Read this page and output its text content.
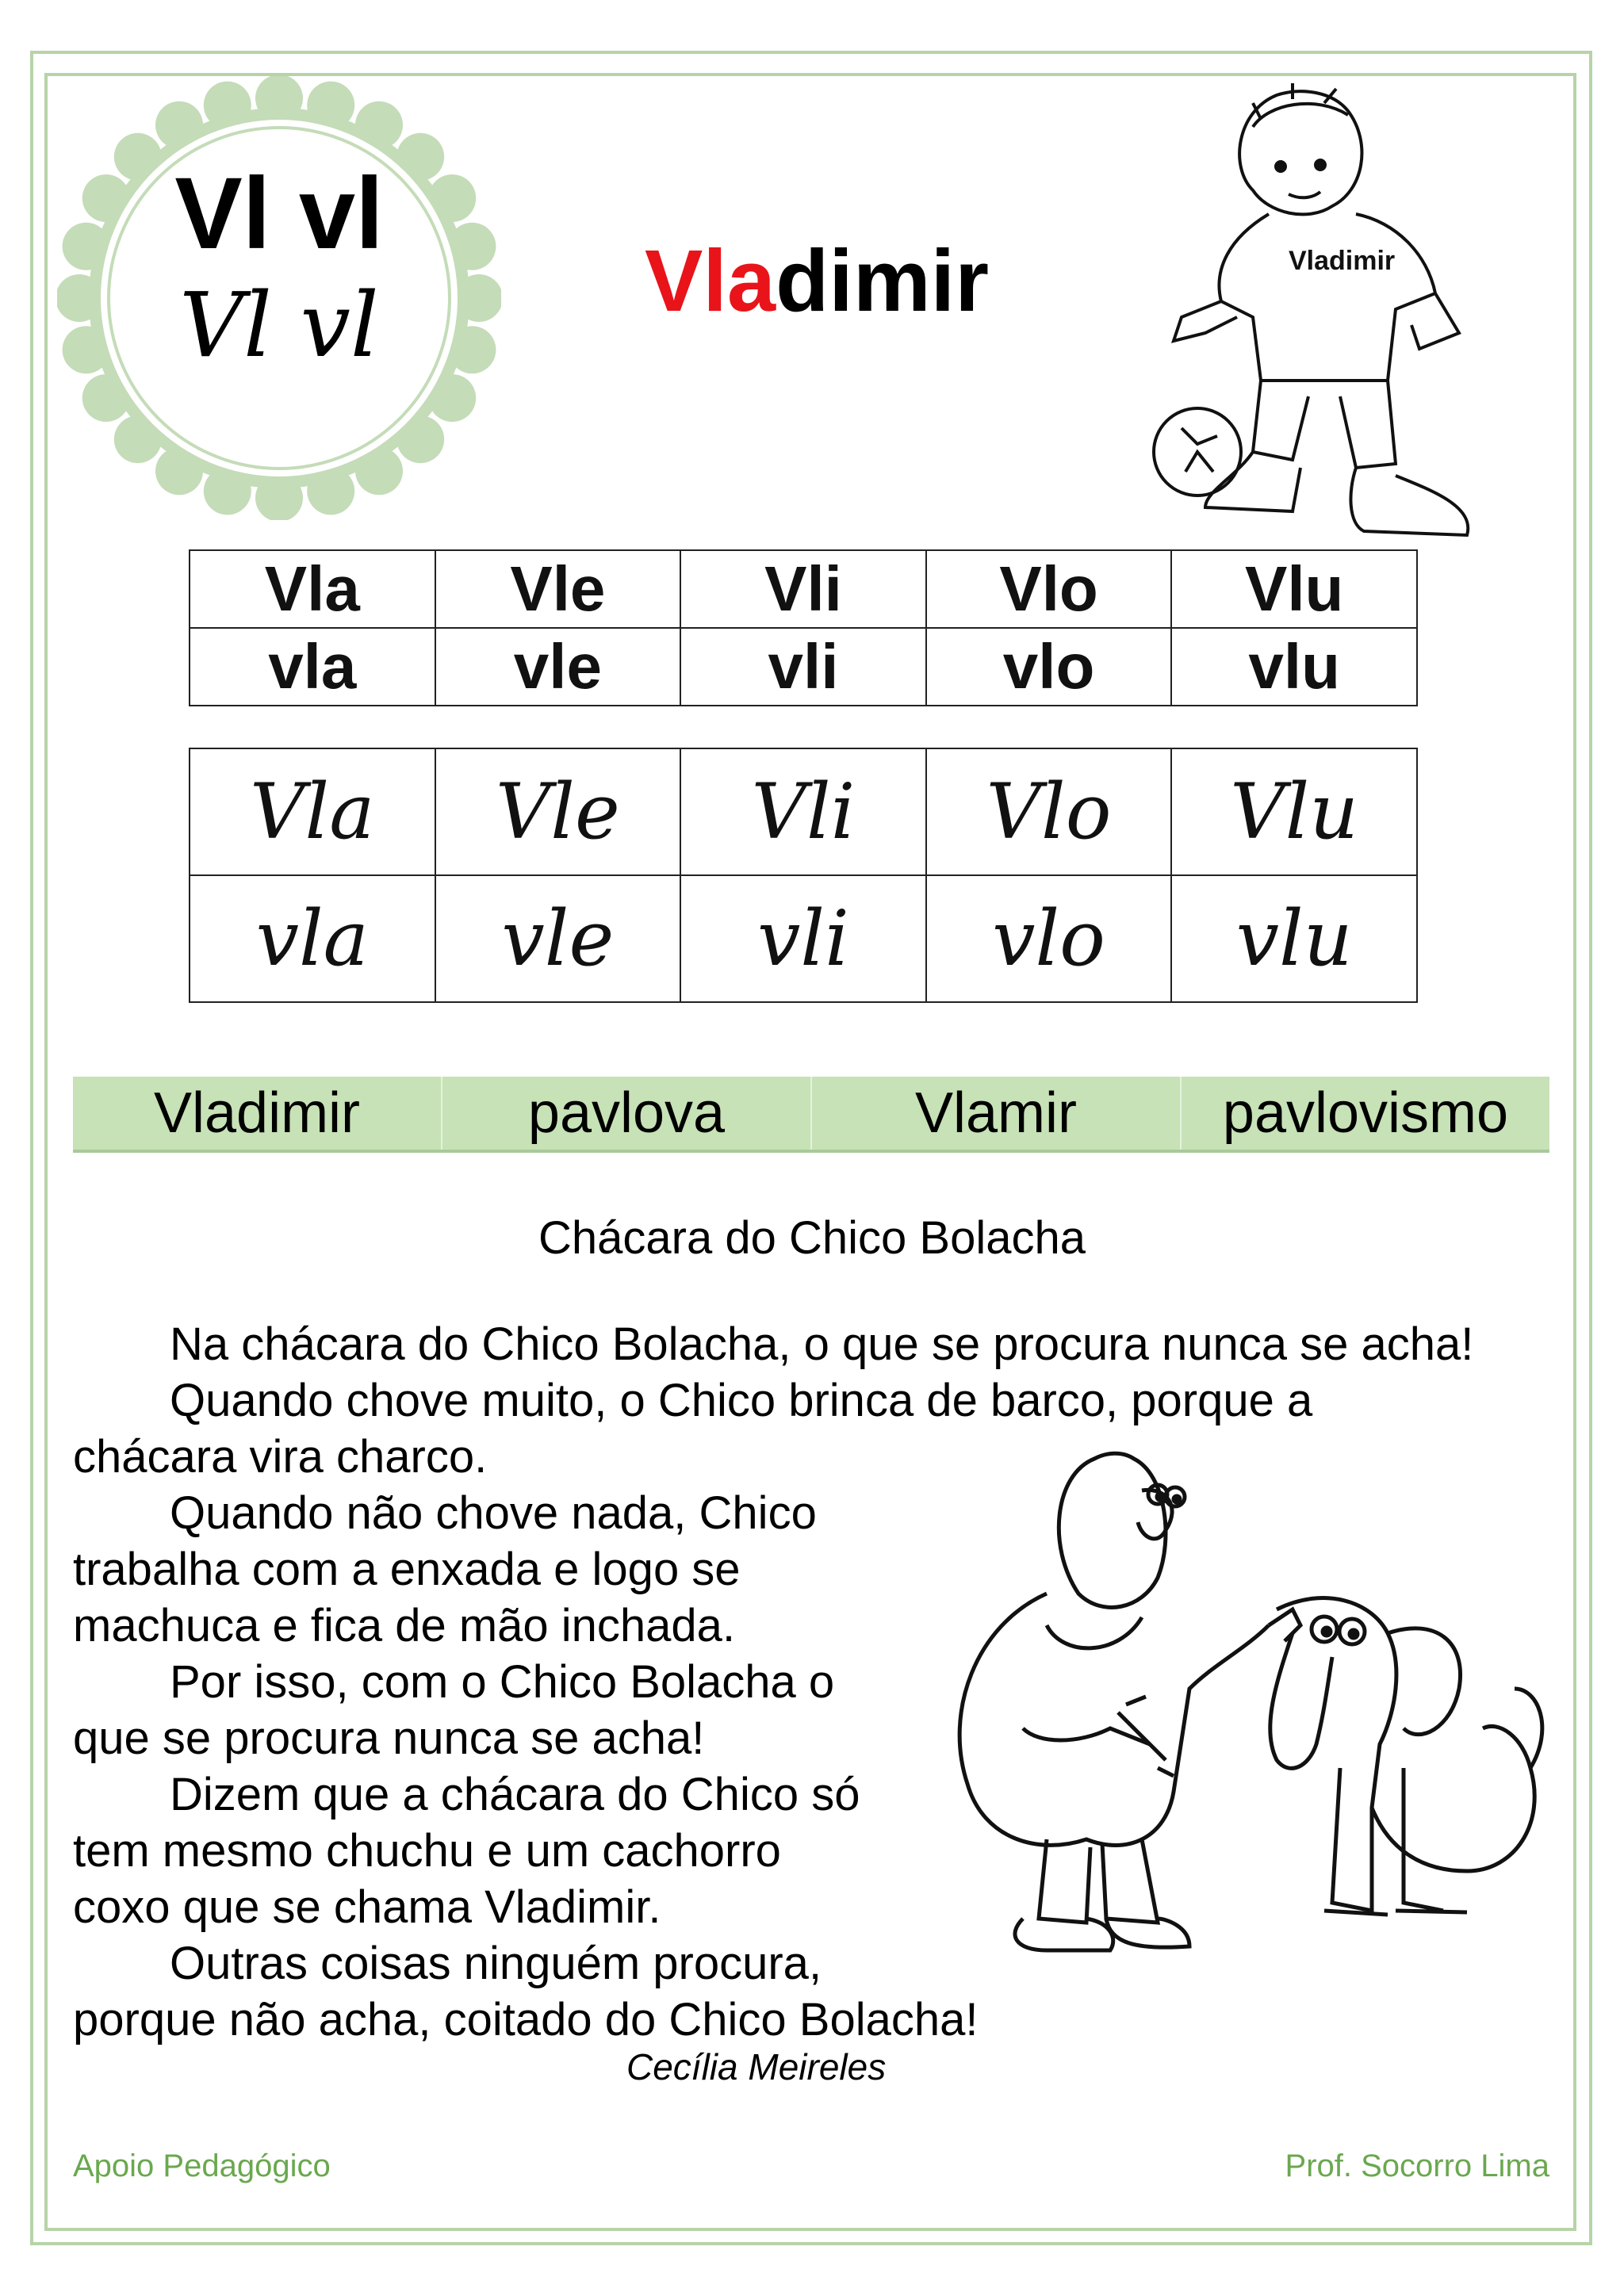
Vl vl
Vl vl	Vladimir	Vladimir
Vla	Vle	Vli	Vlo	Vlu
vla	vle	vli	vlo	vlu
Vla	Vle	Vli	Vlo	Vlu
vla	vle	vli	vlo	vlu
Vladimir	pavlova	Vlamir	pavlovismo
Chácara do Chico Bolacha

Na chácara do Chico Bolacha, o que se procura nunca se acha!

Quando chove muito, o Chico brinca de barco, porque a

chácara vira charco.

Quando não chove nada, Chico

trabalha com a enxada e logo se

machuca e fica de mão inchada.

Por isso, com o Chico Bolacha o

que se procura nunca se acha!

Dizem que a chácara do Chico só

tem mesmo chuchu e um cachorro

coxo que se chama Vladimir.

Outras coisas ninguém procura,

porque não acha, coitado do Chico Bolacha!

Cecília Meireles
Apoio Pedagógico	Prof. Socorro Lima
